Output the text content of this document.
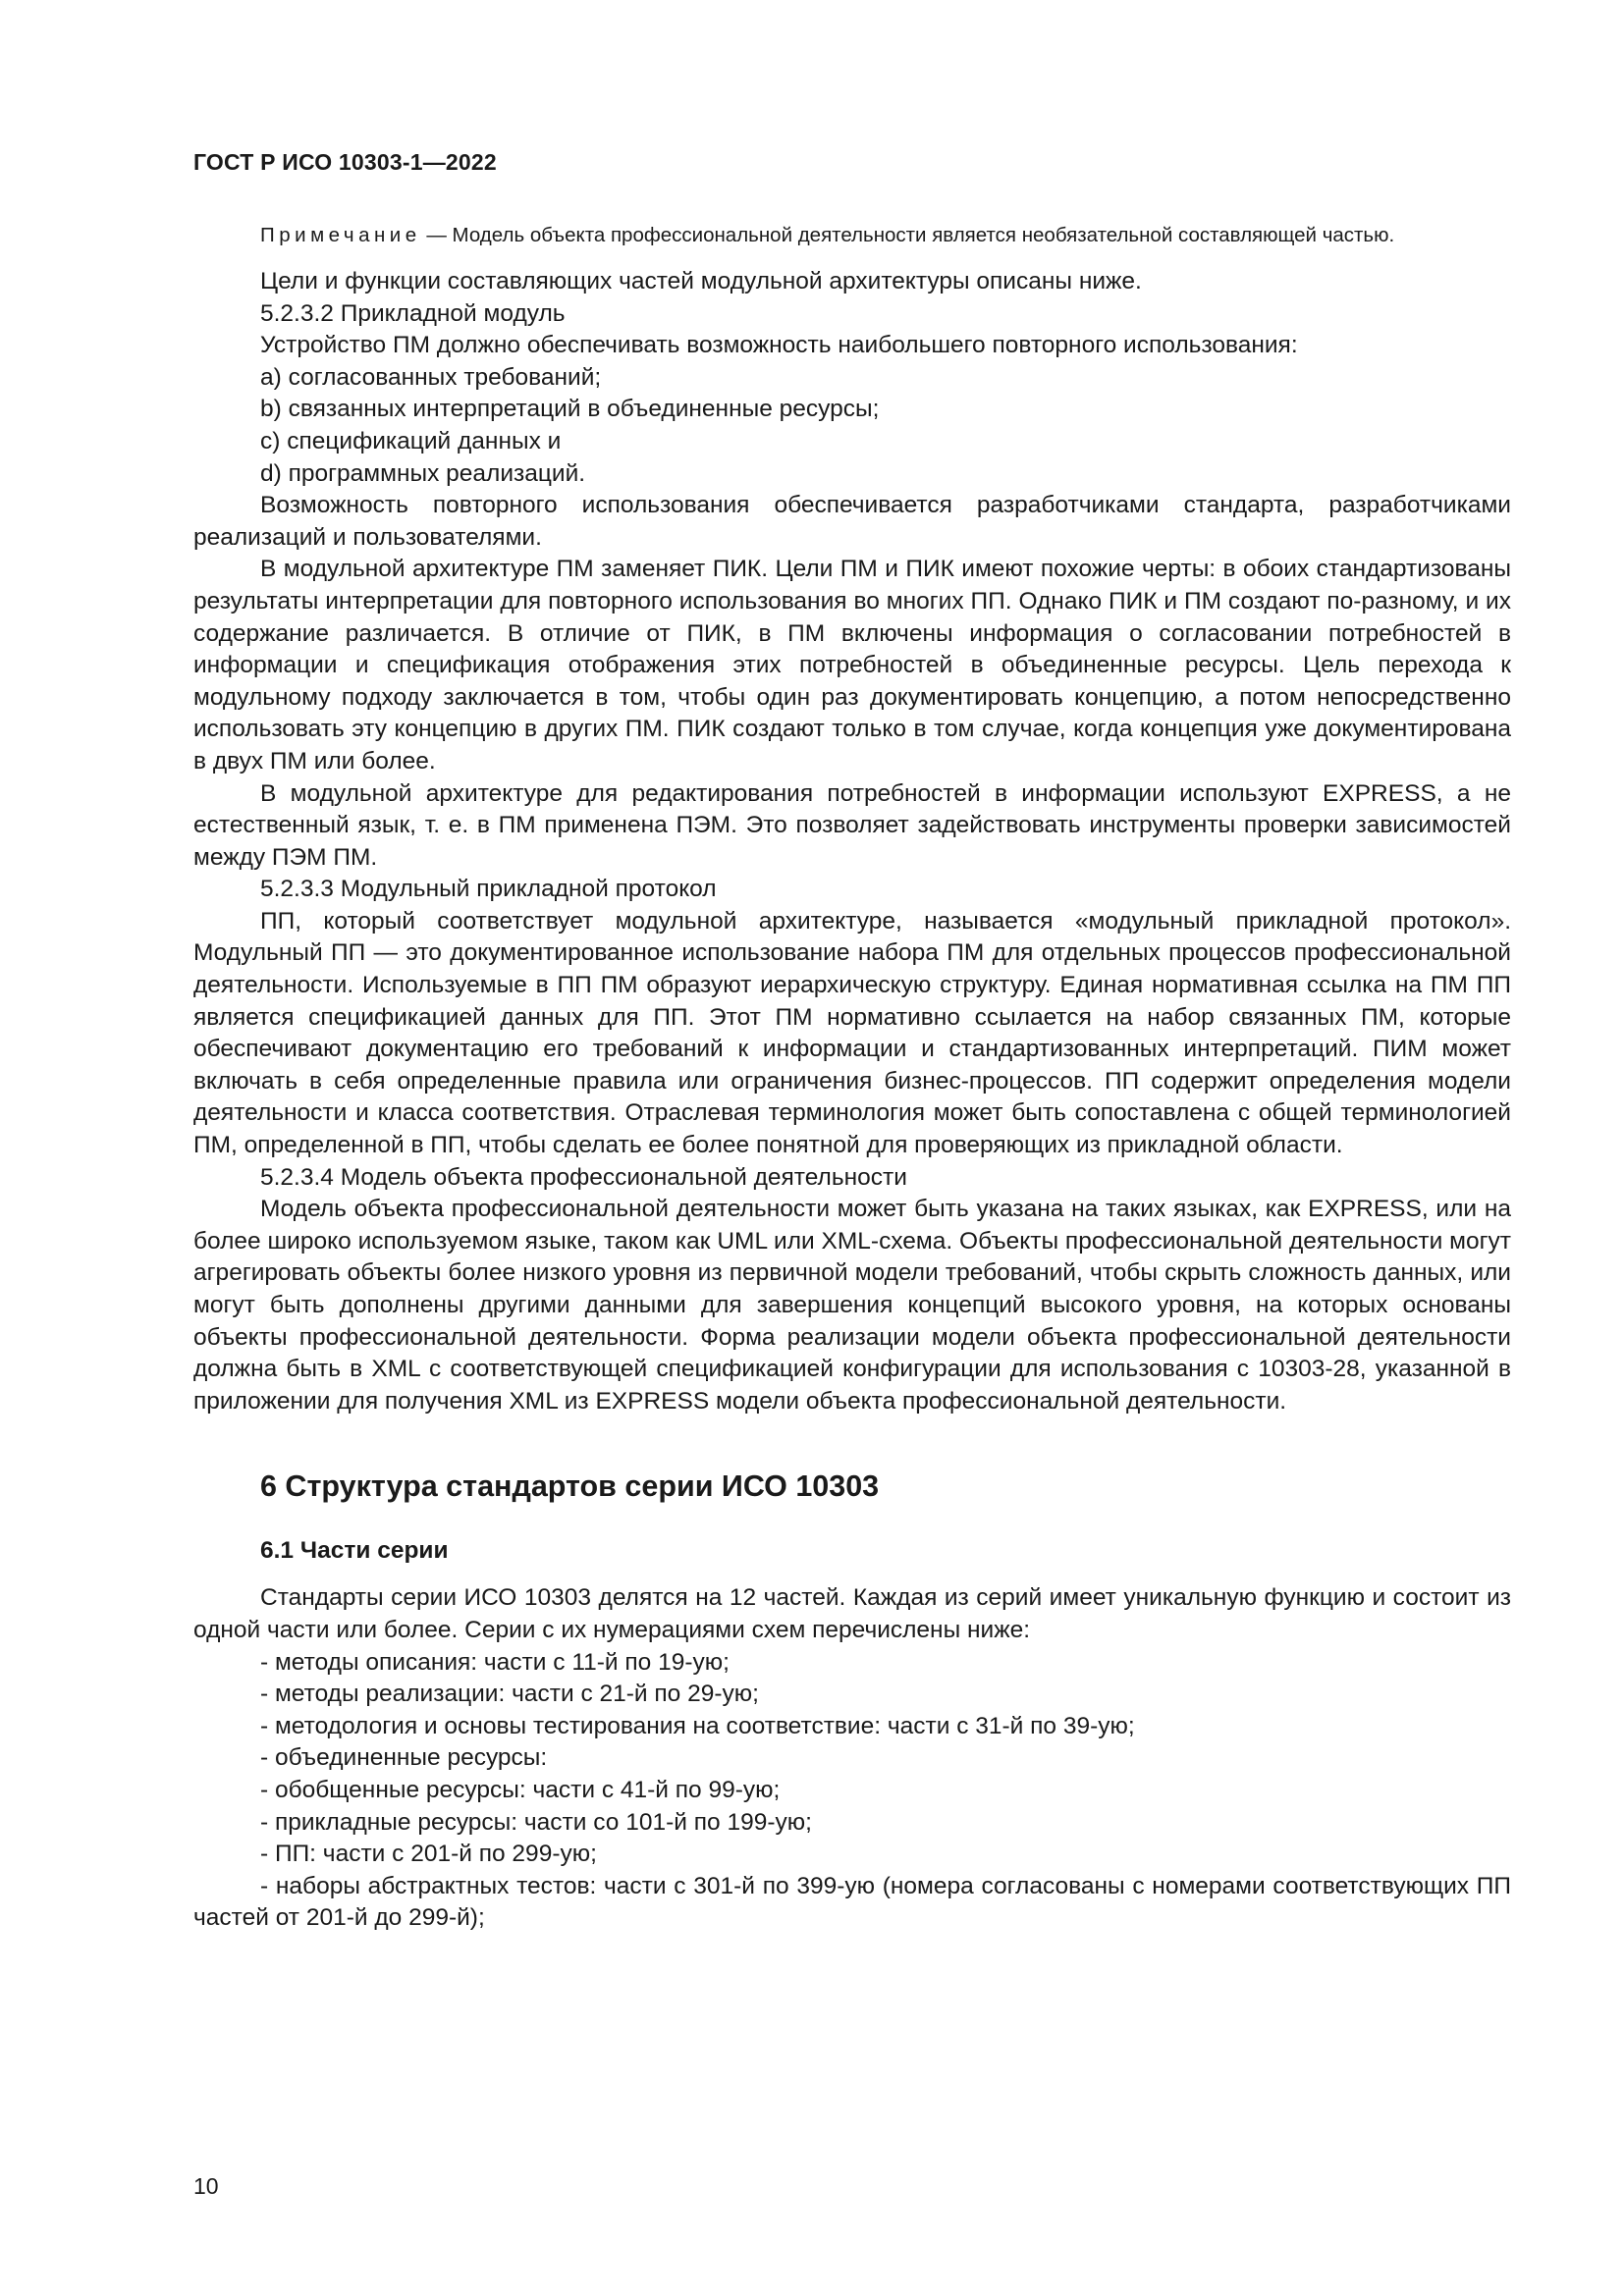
ГОСТ Р ИСО 10303-1—2022

Примечание — Модель объекта профессиональной деятельности является необязательной составляющей частью.

Цели и функции составляющих частей модульной архитектуры описаны ниже.

5.2.3.2 Прикладной модуль

Устройство ПМ должно обеспечивать возможность наибольшего повторного использования:

a) согласованных требований;

b) связанных интерпретаций в объединенные ресурсы;

c) спецификаций данных и

d) программных реализаций.

Возможность повторного использования обеспечивается разработчиками стандарта, разработчиками реализаций и пользователями.

В модульной архитектуре ПМ заменяет ПИК. Цели ПМ и ПИК имеют похожие черты: в обоих стандартизованы результаты интерпретации для повторного использования во многих ПП. Однако ПИК и ПМ создают по-разному, и их содержание различается. В отличие от ПИК, в ПМ включены информация о согласовании потребностей в информации и спецификация отображения этих потребностей в объединенные ресурсы. Цель перехода к модульному подходу заключается в том, чтобы один раз документировать концепцию, а потом непосредственно использовать эту концепцию в других ПМ. ПИК создают только в том случае, когда концепция уже документирована в двух ПМ или более.

В модульной архитектуре для редактирования потребностей в информации используют EXPRESS, а не естественный язык, т. е. в ПМ применена ПЭМ. Это позволяет задействовать инструменты проверки зависимостей между ПЭМ ПМ.

5.2.3.3 Модульный прикладной протокол

ПП, который соответствует модульной архитектуре, называется «модульный прикладной протокол». Модульный ПП — это документированное использование набора ПМ для отдельных процессов профессиональной деятельности. Используемые в ПП ПМ образуют иерархическую структуру. Единая нормативная ссылка на ПМ ПП является спецификацией данных для ПП. Этот ПМ нормативно ссылается на набор связанных ПМ, которые обеспечивают документацию его требований к информации и стандартизованных интерпретаций. ПИМ может включать в себя определенные правила или ограничения бизнес-процессов. ПП содержит определения модели деятельности и класса соответствия. Отраслевая терминология может быть сопоставлена с общей терминологией ПМ, определенной в ПП, чтобы сделать ее более понятной для проверяющих из прикладной области.

5.2.3.4 Модель объекта профессиональной деятельности

Модель объекта профессиональной деятельности может быть указана на таких языках, как EXPRESS, или на более широко используемом языке, таком как UML или XML-схема. Объекты профессиональной деятельности могут агрегировать объекты более низкого уровня из первичной модели требований, чтобы скрыть сложность данных, или могут быть дополнены другими данными для завершения концепций высокого уровня, на которых основаны объекты профессиональной деятельности. Форма реализации модели объекта профессиональной деятельности должна быть в XML с соответствующей спецификацией конфигурации для использования с 10303-28, указанной в приложении для получения XML из EXPRESS модели объекта профессиональной деятельности.

6 Структура стандартов серии ИСО 10303
6.1 Части серии

Стандарты серии ИСО 10303 делятся на 12 частей. Каждая из серий имеет уникальную функцию и состоит из одной части или более. Серии с их нумерациями схем перечислены ниже:

- методы описания: части с 11-й по 19-ую;

- методы реализации: части с 21-й по 29-ую;

- методология и основы тестирования на соответствие: части с 31-й по 39-ую;

- объединенные ресурсы:

- обобщенные ресурсы: части с 41-й по 99-ую;

- прикладные ресурсы: части со 101-й по 199-ую;

- ПП: части с 201-й по 299-ую;

- наборы абстрактных тестов: части с 301-й по 399-ую (номера согласованы с номерами соответствующих ПП частей от 201-й до 299-й);

10
